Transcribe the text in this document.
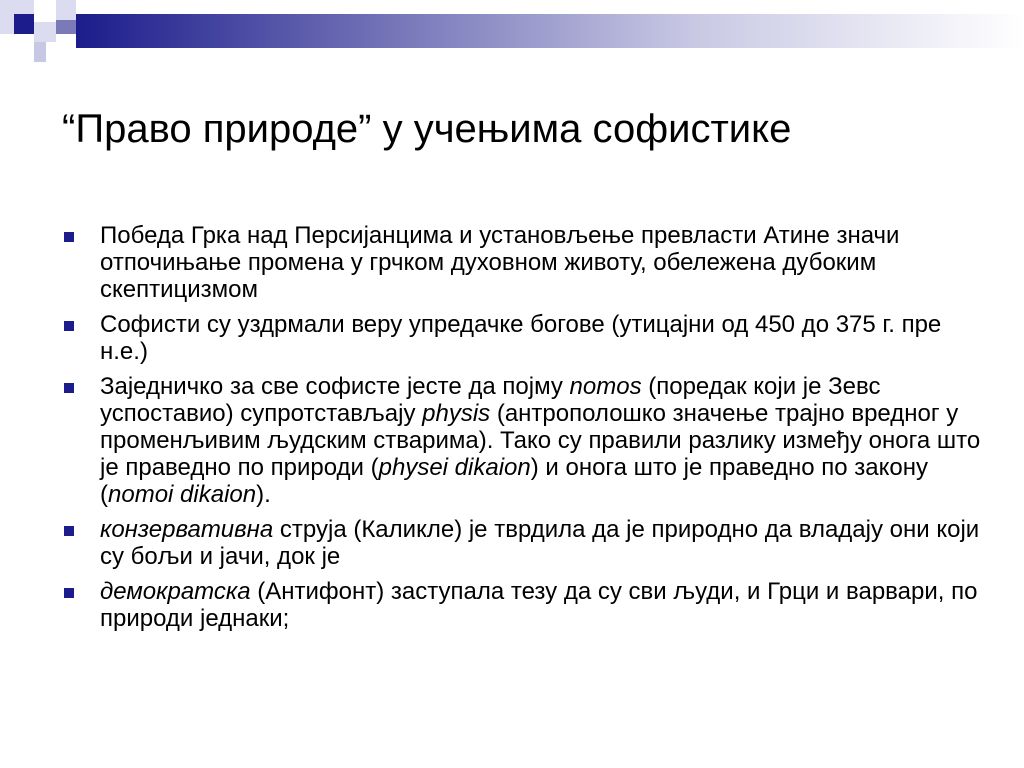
“Право природе” у учењима софистике
Победа Грка над Персијанцима и установљење превласти Атине значи отпочињање промена у грчком духовном животу, обележена дубоким скептицизмом
Софисти су уздрмали веру упредачке богове (утицајни од 450 до 375 г. пре н.е.)
Заједничко за све софисте јесте да појму nomos (поредак који је Зевс успоставио) супротстављају physis (антрополошко значење трајно вредног у променљивим људским стварима). Тако су правили разлику између онога што је праведно по природи (physei dikaion) и онога што је праведно по закону (nomoi dikaion).
конзервативна струја (Каликле) је тврдила да је природно да владају они који су бољи и јачи, док је
демократска (Антифонт) заступала тезу да су сви људи, и Грци и варвари, по природи једнаки;
